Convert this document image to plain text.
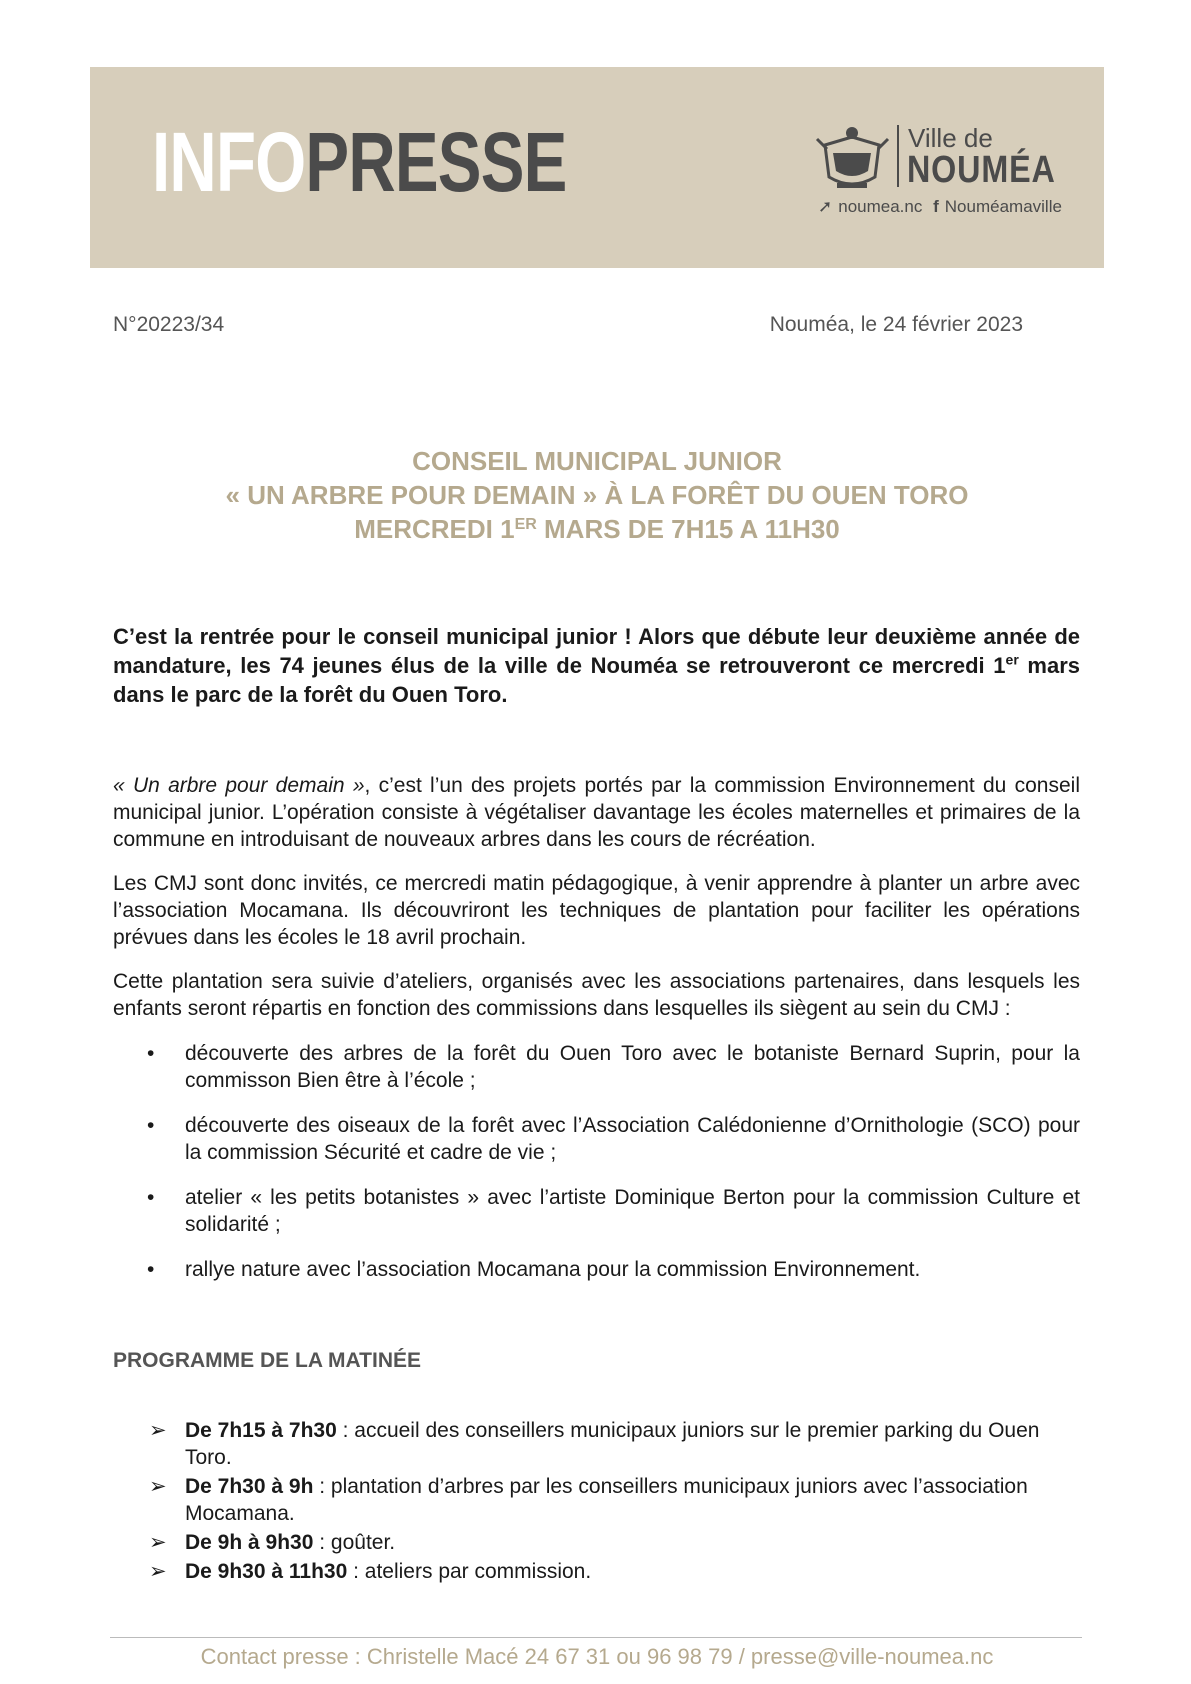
INFOPRESSE	Ville de
NOUMÉA
➚ noumea.nc f Nouméamaville
N°20223/34	Nouméa, le 24 février 2023
CONSEIL MUNICIPAL JUNIOR
« UN ARBRE POUR DEMAIN » À LA FORÊT DU OUEN TORO
MERCREDI 1ER MARS DE 7H15 A 11H30
C’est la rentrée pour le conseil municipal junior ! Alors que débute leur deuxième année de mandature, les 74 jeunes élus de la ville de Nouméa se retrouveront ce mercredi 1er mars dans le parc de la forêt du Ouen Toro.
« Un arbre pour demain », c’est l’un des projets portés par la commission Environnement du conseil municipal junior. L’opération consiste à végétaliser davantage les écoles maternelles et primaires de la commune en introduisant de nouveaux arbres dans les cours de récréation.
Les CMJ sont donc invités, ce mercredi matin pédagogique, à venir apprendre à planter un arbre avec l’association Mocamana. Ils découvriront les techniques de plantation pour faciliter les opérations prévues dans les écoles le 18 avril prochain.
Cette plantation sera suivie d’ateliers, organisés avec les associations partenaires, dans lesquels les enfants seront répartis en fonction des commissions dans lesquelles ils siègent au sein du CMJ :
• découverte des arbres de la forêt du Ouen Toro avec le botaniste Bernard Suprin, pour la commisson Bien être à l’école ;
• découverte des oiseaux de la forêt avec l’Association Calédonienne d’Ornithologie (SCO) pour la commission Sécurité et cadre de vie ;
• atelier « les petits botanistes » avec l’artiste Dominique Berton pour la commission Culture et solidarité ;
• rallye nature avec l’association Mocamana pour la commission Environnement.
PROGRAMME DE LA MATINÉE
➢ De 7h15 à 7h30 : accueil des conseillers municipaux juniors sur le premier parking du Ouen Toro.
➢ De 7h30 à 9h : plantation d’arbres par les conseillers municipaux juniors avec l’association Mocamana.
➢ De 9h à 9h30 : goûter.
➢ De 9h30 à 11h30 : ateliers par commission.
Contact presse : Christelle Macé 24 67 31 ou 96 98 79 / presse@ville-noumea.nc
